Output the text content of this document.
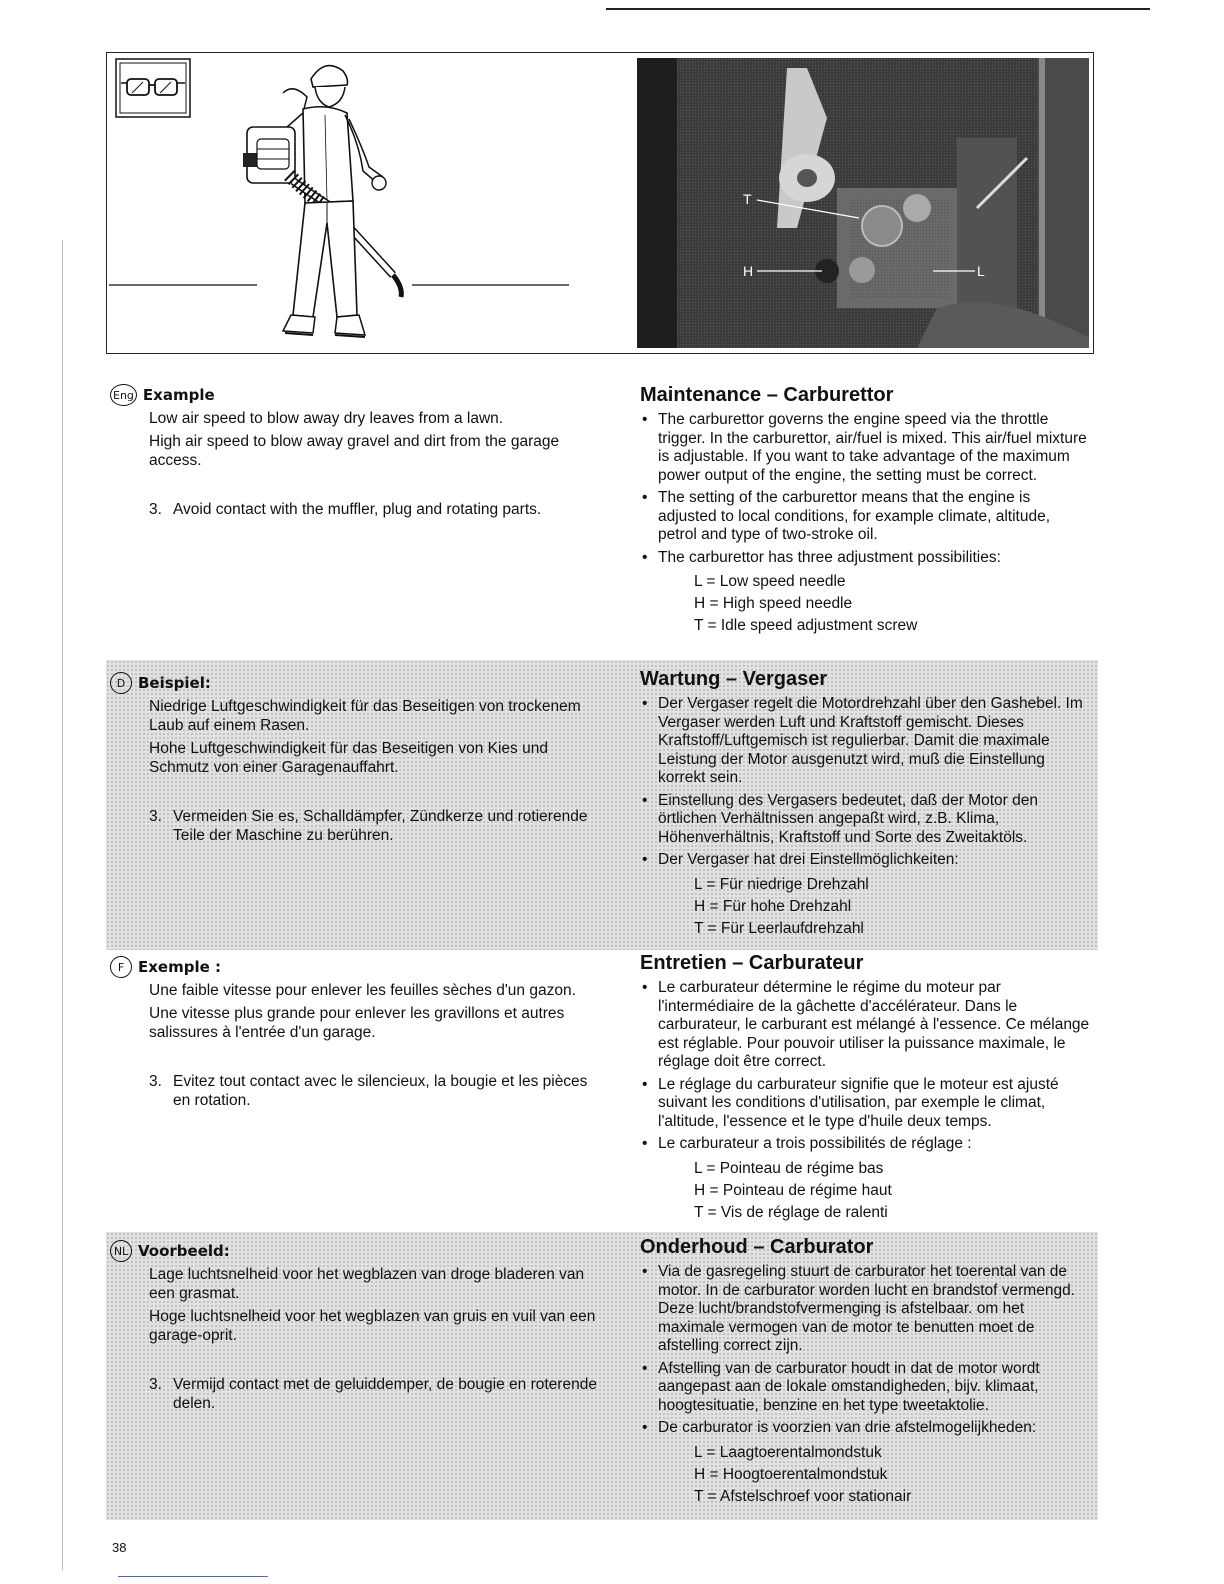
T
H	L
Eng Example

Low air speed to blow away dry leaves from a lawn.

High air speed to blow away gravel and dirt from the garage access.

3. Avoid contact with the muffler, plug and rotating parts.
Maintenance – Carburettor
• The carburettor governs the engine speed via the throttle trigger. In the carburettor, air/fuel is mixed. This air/fuel mixture is adjustable. If you want to take advantage of the maximum power output of the engine, the setting must be correct.
• The setting of the carburettor means that the engine is adjusted to local conditions, for example climate, altitude, petrol and type of two-stroke oil.
• The carburettor has three adjustment possibilities:
L = Low speed needle
H = High speed needle
T = Idle speed adjustment screw
D Beispiel:

Niedrige Luftgeschwindigkeit für das Beseitigen von trockenem Laub auf einem Rasen.

Hohe Luftgeschwindigkeit für das Beseitigen von Kies und Schmutz von einer Garagenauffahrt.

3. Vermeiden Sie es, Schalldämpfer, Zündkerze und rotierende Teile der Maschine zu berühren.
Wartung – Vergaser
• Der Vergaser regelt die Motordrehzahl über den Gashebel. Im Vergaser werden Luft und Kraftstoff gemischt. Dieses Kraftstoff/Luftgemisch ist regulierbar. Damit die maximale Leistung der Motor ausgenutzt wird, muß die Einstellung korrekt sein.
• Einstellung des Vergasers bedeutet, daß der Motor den örtlichen Verhältnissen angepaßt wird, z.B. Klima, Höhenverhältnis, Kraftstoff und Sorte des Zweitaktöls.
• Der Vergaser hat drei Einstellmöglichkeiten:
L = Für niedrige Drehzahl
H = Für hohe Drehzahl
T = Für Leerlaufdrehzahl
F Exemple :

Une faible vitesse pour enlever les feuilles sèches d'un gazon.

Une vitesse plus grande pour enlever les gravillons et autres salissures à l'entrée d'un garage.

3. Evitez tout contact avec le silencieux, la bougie et les pièces en rotation.
Entretien – Carburateur
• Le carburateur détermine le régime du moteur par l'intermédiaire de la gâchette d'accélérateur. Dans le carburateur, le carburant est mélangé à l'essence. Ce mélange est réglable. Pour pouvoir utiliser la puissance maximale, le réglage doit être correct.
• Le réglage du carburateur signifie que le moteur est ajusté suivant les conditions d'utilisation, par exemple le climat, l'altitude, l'essence et le type d'huile deux temps.
• Le carburateur a trois possibilités de réglage :
L = Pointeau de régime bas
H = Pointeau de régime haut
T = Vis de réglage de ralenti
NL Voorbeeld:

Lage luchtsnelheid voor het wegblazen van droge bladeren van een grasmat.

Hoge luchtsnelheid voor het wegblazen van gruis en vuil van een garage-oprit.

3. Vermijd contact met de geluiddemper, de bougie en roterende delen.
Onderhoud – Carburator
• Via de gasregeling stuurt de carburator het toerental van de motor. In de carburator worden lucht en brandstof vermengd. Deze lucht/brandstofvermenging is afstelbaar. om het maximale vermogen van de motor te benutten moet de afstelling correct zijn.
• Afstelling van de carburator houdt in dat de motor wordt aangepast aan de lokale omstandigheden, bijv. klimaat, hoogtesituatie, benzine en het type tweetaktolie.
• De carburator is voorzien van drie afstelmogelijkheden:
L = Laagtoerentalmondstuk
H = Hoogtoerentalmondstuk
T = Afstelschroef voor stationair
38
